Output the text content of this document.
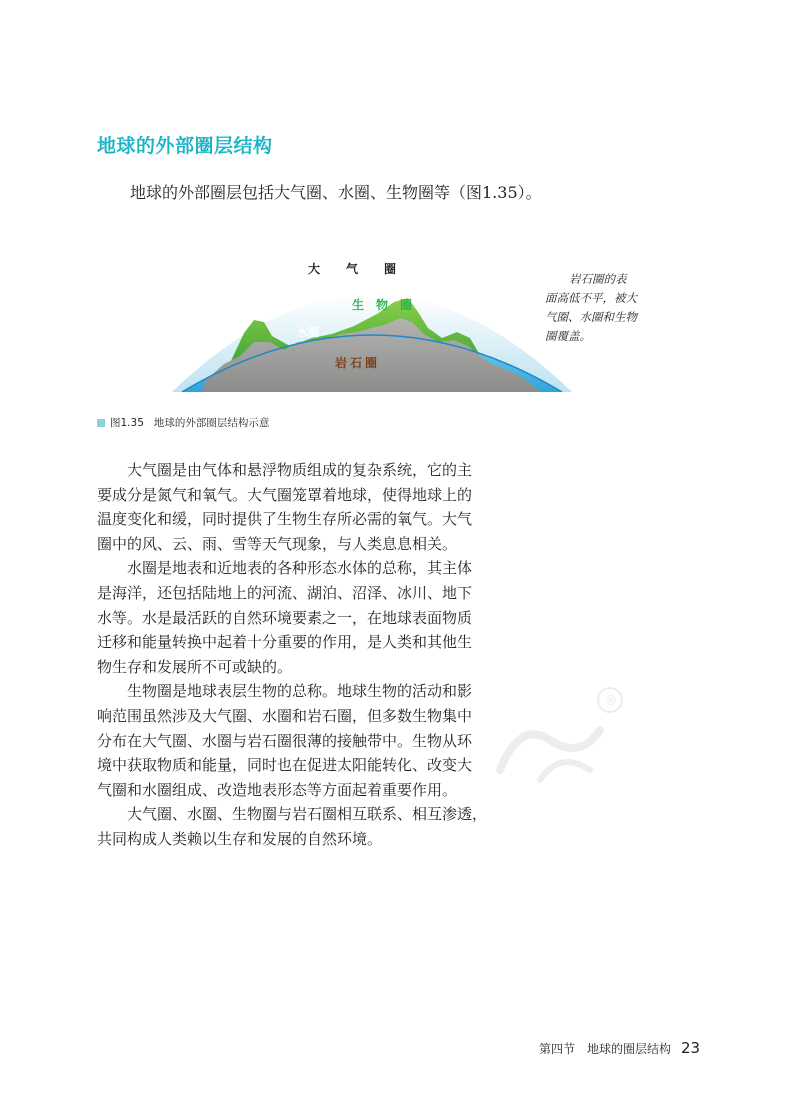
地球的外部圈层结构
地球的外部圈层包括大气圈、水圈、生物圈等（图1.35）。
大气圈
生物圈
水圈
岩石圈
岩石圈的表
面高低不平，被大
气圈、水圈和生物
圈覆盖。
图1.35 地球的外部圈层结构示意

大气圈是由气体和悬浮物质组成的复杂系统，它的主
要成分是氮气和氧气。大气圈笼罩着地球，使得地球上的
温度变化和缓，同时提供了生物生存所必需的氧气。大气
圈中的风、云、雨、雪等天气现象，与人类息息相关。

水圈是地表和近地表的各种形态水体的总称，其主体
是海洋，还包括陆地上的河流、湖泊、沼泽、冰川、地下
水等。水是最活跃的自然环境要素之一，在地球表面物质
迁移和能量转换中起着十分重要的作用，是人类和其他生
物生存和发展所不可或缺的。

生物圈是地球表层生物的总称。地球生物的活动和影
响范围虽然涉及大气圈、水圈和岩石圈，但多数生物集中
分布在大气圈、水圈与岩石圈很薄的接触带中。生物从环
境中获取物质和能量，同时也在促进太阳能转化、改变大
气圈和水圈组成、改造地表形态等方面起着重要作用。

大气圈、水圈、生物圈与岩石圈相互联系、相互渗透，
共同构成人类赖以生存和发展的自然环境。

®
第四节　地球的圈层结构 23
